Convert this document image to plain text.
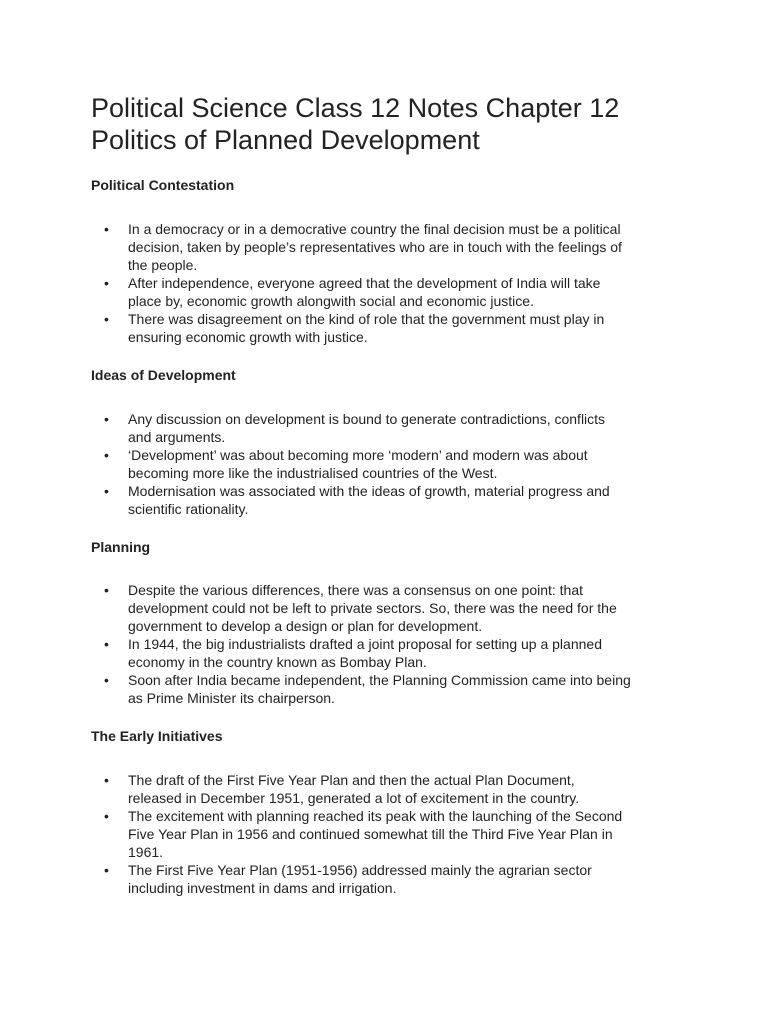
Political Science Class 12 Notes Chapter 12
Politics of Planned Development
Political Contestation
• In a democracy or in a democrative country the final decision must be a political
decision, taken by people’s representatives who are in touch with the feelings of
the people.
• After independence, everyone agreed that the development of India will take
place by, economic growth alongwith social and economic justice.
• There was disagreement on the kind of role that the government must play in
ensuring economic growth with justice.
Ideas of Development
• Any discussion on development is bound to generate contradictions, conflicts
and arguments.
• ‘Development’ was about becoming more ‘modern’ and modern was about
becoming more like the industrialised countries of the West.
• Modernisation was associated with the ideas of growth, material progress and
scientific rationality.
Planning
• Despite the various differences, there was a consensus on one point: that
development could not be left to private sectors. So, there was the need for the
government to develop a design or plan for development.
• In 1944, the big industrialists drafted a joint proposal for setting up a planned
economy in the country known as Bombay Plan.
• Soon after India became independent, the Planning Commission came into being
as Prime Minister its chairperson.
The Early Initiatives
• The draft of the First Five Year Plan and then the actual Plan Document,
released in December 1951, generated a lot of excitement in the country.
• The excitement with planning reached its peak with the launching of the Second
Five Year Plan in 1956 and continued somewhat till the Third Five Year Plan in
1961.
• The First Five Year Plan (1951-1956) addressed mainly the agrarian sector
including investment in dams and irrigation.
